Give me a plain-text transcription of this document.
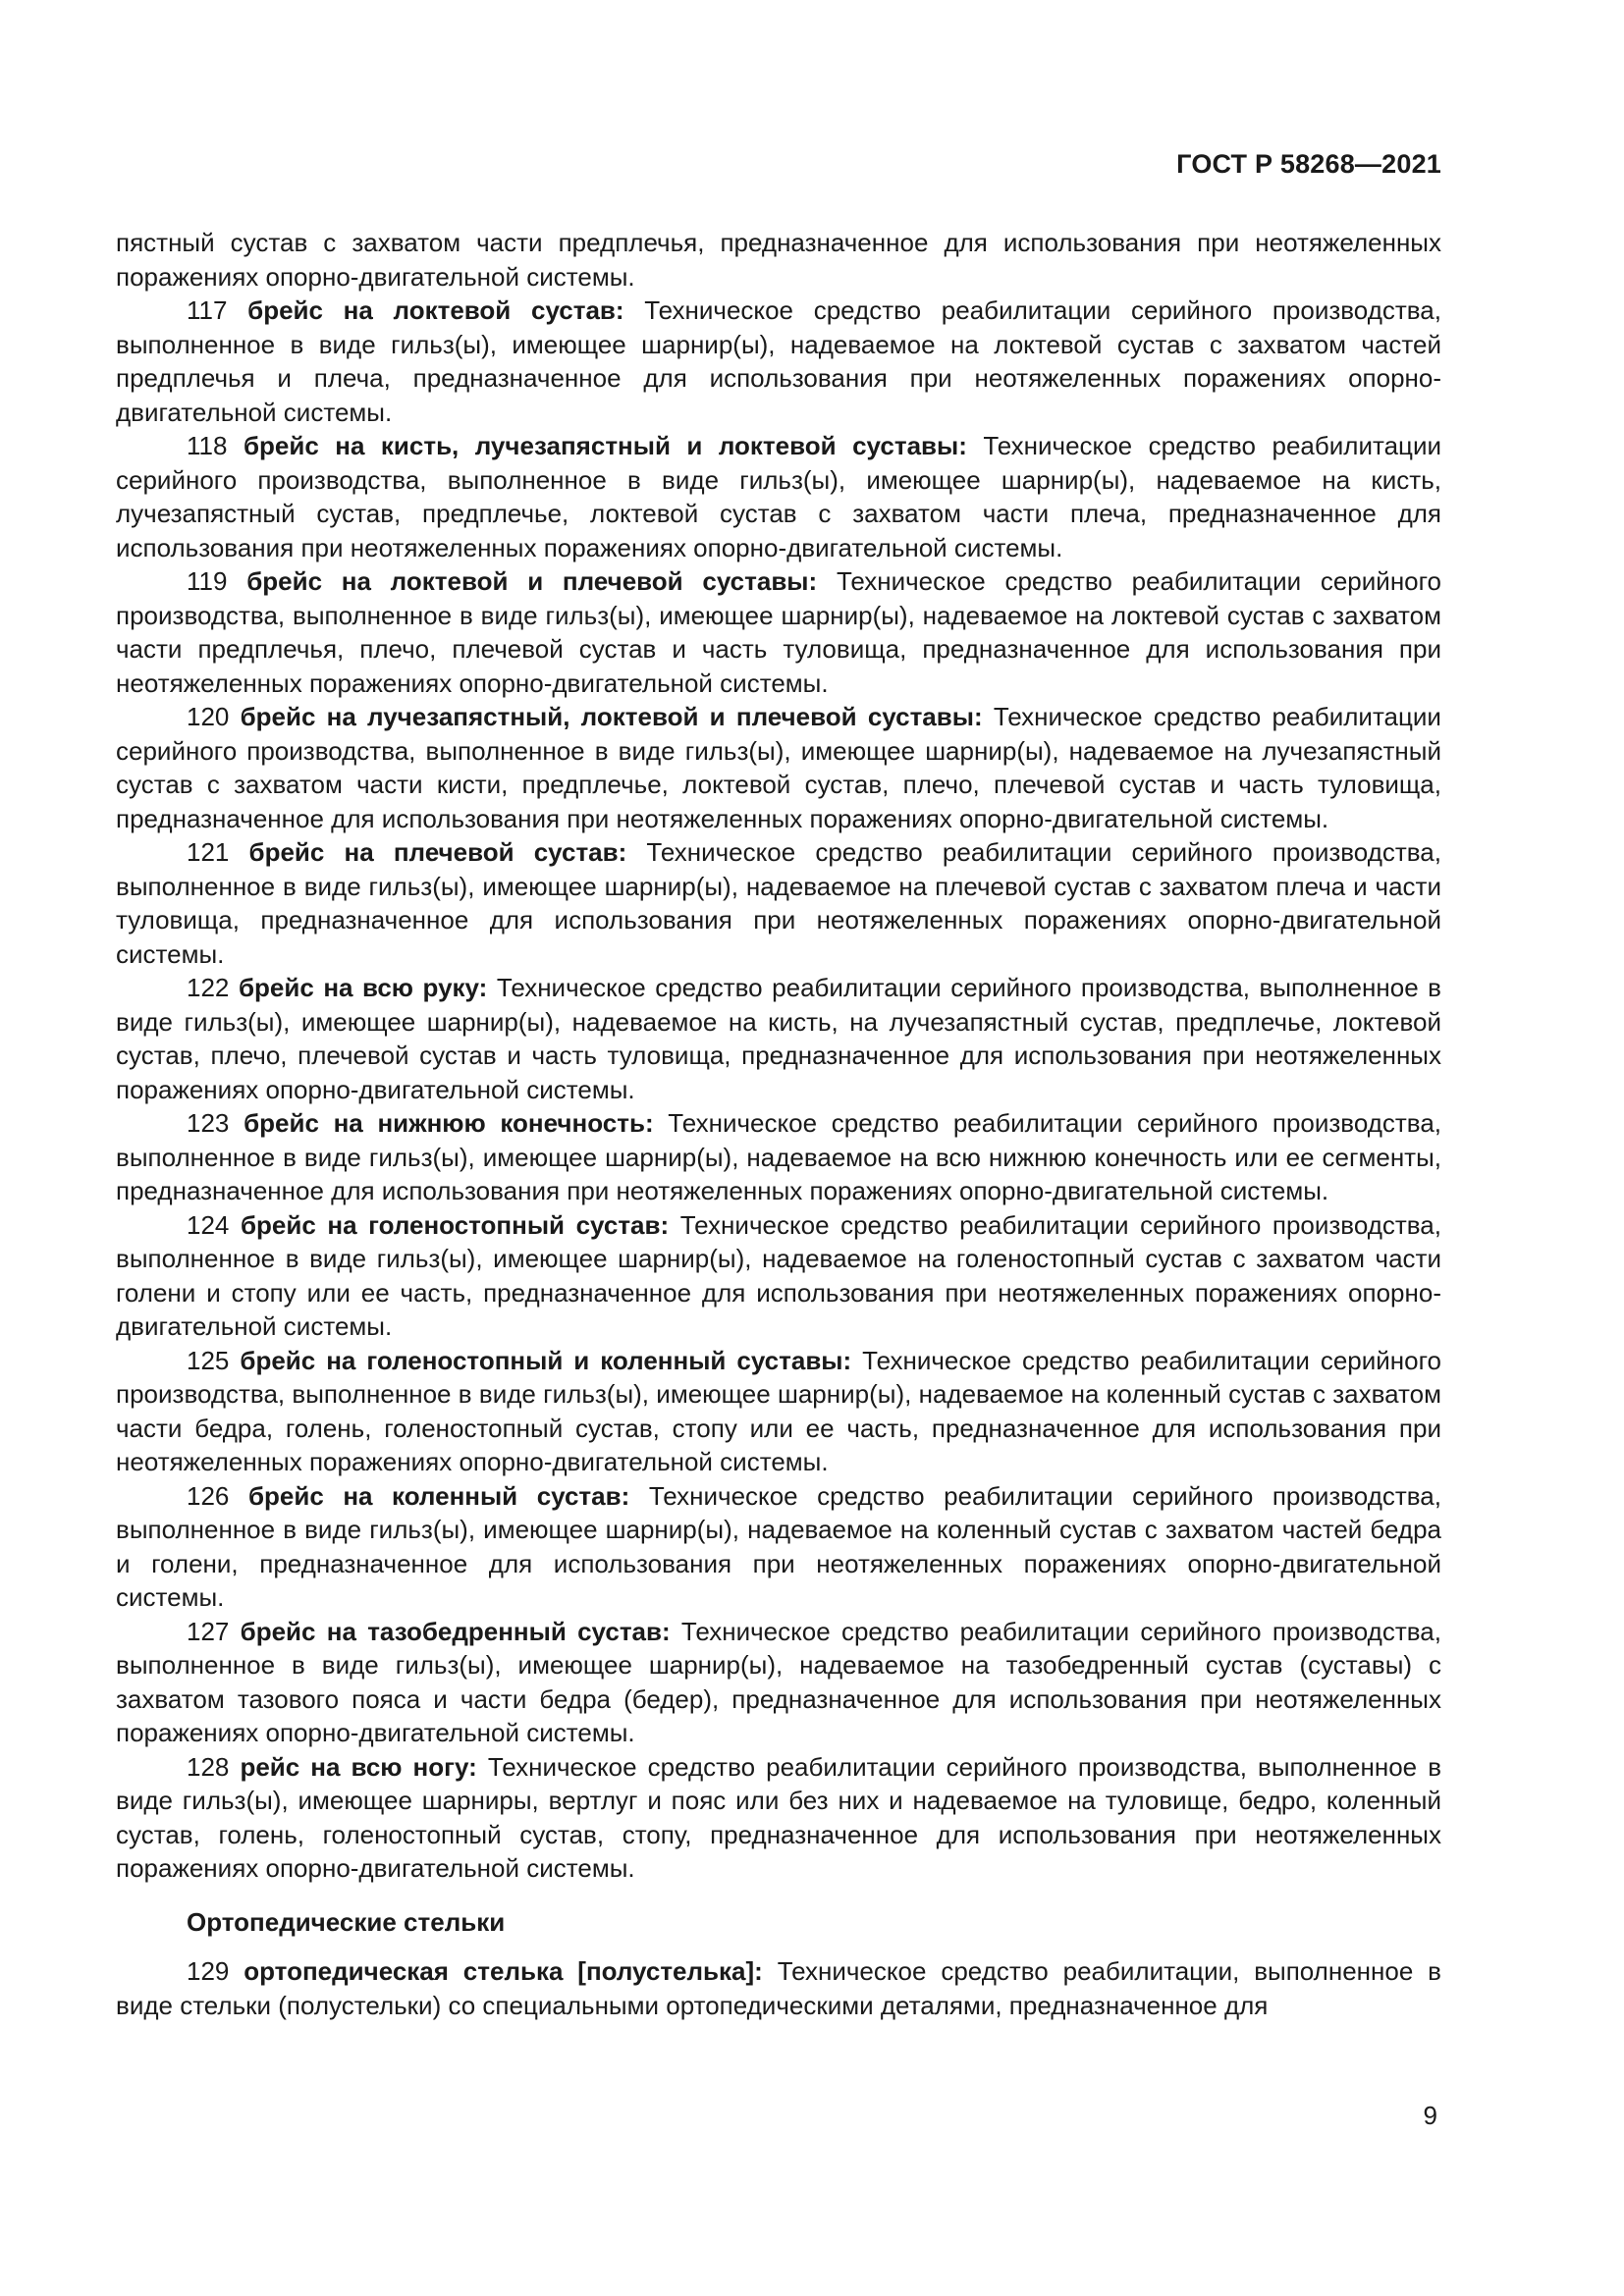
ГОСТ Р 58268—2021

пястный сустав с захватом части предплечья, предназначенное для использования при неотяжеленных поражениях опорно-двигательной системы.

117 брейс на локтевой сустав: Техническое средство реабилитации серийного производства, выполненное в виде гильз(ы), имеющее шарнир(ы), надеваемое на локтевой сустав с захватом частей предплечья и плеча, предназначенное для использования при неотяжеленных поражениях опорно-двигательной системы.

118 брейс на кисть, лучезапястный и локтевой суставы: Техническое средство реабилитации серийного производства, выполненное в виде гильз(ы), имеющее шарнир(ы), надеваемое на кисть, лучезапястный сустав, предплечье, локтевой сустав с захватом части плеча, предназначенное для использования при неотяжеленных поражениях опорно-двигательной системы.

119 брейс на локтевой и плечевой суставы: Техническое средство реабилитации серийного производства, выполненное в виде гильз(ы), имеющее шарнир(ы), надеваемое на локтевой сустав с захватом части предплечья, плечо, плечевой сустав и часть туловища, предназначенное для использования при неотяжеленных поражениях опорно-двигательной системы.

120 брейс на лучезапястный, локтевой и плечевой суставы: Техническое средство реабилитации серийного производства, выполненное в виде гильз(ы), имеющее шарнир(ы), надеваемое на лучезапястный сустав с захватом части кисти, предплечье, локтевой сустав, плечо, плечевой сустав и часть туловища, предназначенное для использования при неотяжеленных поражениях опорно-двигательной системы.

121 брейс на плечевой сустав: Техническое средство реабилитации серийного производства, выполненное в виде гильз(ы), имеющее шарнир(ы), надеваемое на плечевой сустав с захватом плеча и части туловища, предназначенное для использования при неотяжеленных поражениях опорно-двигательной системы.

122 брейс на всю руку: Техническое средство реабилитации серийного производства, выполненное в виде гильз(ы), имеющее шарнир(ы), надеваемое на кисть, на лучезапястный сустав, предплечье, локтевой сустав, плечо, плечевой сустав и часть туловища, предназначенное для использования при неотяжеленных поражениях опорно-двигательной системы.

123 брейс на нижнюю конечность: Техническое средство реабилитации серийного производства, выполненное в виде гильз(ы), имеющее шарнир(ы), надеваемое на всю нижнюю конечность или ее сегменты, предназначенное для использования при неотяжеленных поражениях опорно-двигательной системы.

124 брейс на голеностопный сустав: Техническое средство реабилитации серийного производства, выполненное в виде гильз(ы), имеющее шарнир(ы), надеваемое на голеностопный сустав с захватом части голени и стопу или ее часть, предназначенное для использования при неотяжеленных поражениях опорно-двигательной системы.

125 брейс на голеностопный и коленный суставы: Техническое средство реабилитации серийного производства, выполненное в виде гильз(ы), имеющее шарнир(ы), надеваемое на коленный сустав с захватом части бедра, голень, голеностопный сустав, стопу или ее часть, предназначенное для использования при неотяжеленных поражениях опорно-двигательной системы.

126 брейс на коленный сустав: Техническое средство реабилитации серийного производства, выполненное в виде гильз(ы), имеющее шарнир(ы), надеваемое на коленный сустав с захватом частей бедра и голени, предназначенное для использования при неотяжеленных поражениях опорно-двигательной системы.

127 брейс на тазобедренный сустав: Техническое средство реабилитации серийного производства, выполненное в виде гильз(ы), имеющее шарнир(ы), надеваемое на тазобедренный сустав (суставы) с захватом тазового пояса и части бедра (бедер), предназначенное для использования при неотяжеленных поражениях опорно-двигательной системы.

128 рейс на всю ногу: Техническое средство реабилитации серийного производства, выполненное в виде гильз(ы), имеющее шарниры, вертлуг и пояс или без них и надеваемое на туловище, бедро, коленный сустав, голень, голеностопный сустав, стопу, предназначенное для использования при неотяжеленных поражениях опорно-двигательной системы.

Ортопедические стельки

129 ортопедическая стелька [полустелька]: Техническое средство реабилитации, выполненное в виде стельки (полустельки) со специальными ортопедическими деталями, предназначенное для

9
